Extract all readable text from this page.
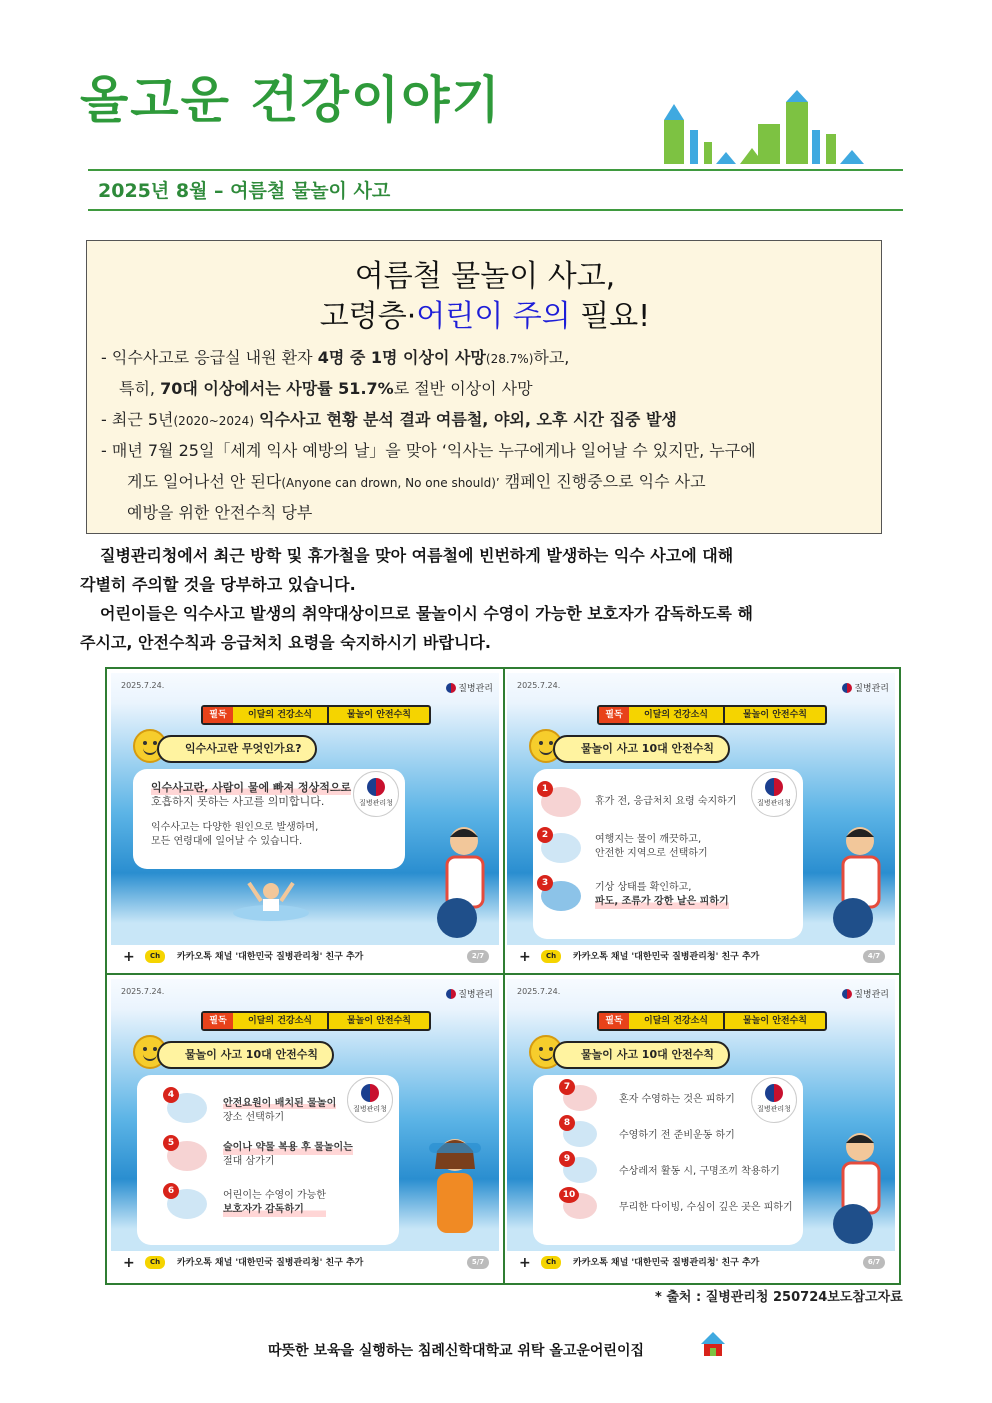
올고운 건강이야기
2025년 8월 – 여름철 물놀이 사고
여름철 물놀이 사고,
고령층·어린이 주의 필요!
- 익수사고로 응급실 내원 환자 4명 중 1명 이상이 사망(28.7%)하고,
특히, 70대 이상에서는 사망률 51.7%로 절반 이상이 사망
- 최근 5년(2020~2024) 익수사고 현황 분석 결과 여름철, 야외, 오후 시간 집중 발생
- 매년 7월 25일「세계 익사 예방의 날」을 맞아 ‘익사는 누구에게나 일어날 수 있지만, 누구에
게도 일어나선 안 된다(Anyone can drown, No one should)’ 캠페인 진행중으로 익수 사고
예방을 위한 안전수칙 당부
질병관리청에서 최근 방학 및 휴가철을 맞아 여름철에 빈번하게 발생하는 익수 사고에 대해
각별히 주의할 것을 당부하고 있습니다.
어린이들은 익수사고 발생의 취약대상이므로 물놀이시 수영이 가능한 보호자가 감독하도록 해
주시고, 안전수칙과 응급처치 요령을 숙지하시기 바랍니다.
2025.7.24.	질병관리
필독 이달의 건강소식	물놀이 안전수칙
익수사고란 무엇인가요?
질병관리청
익수사고란, 사람이 물에 빠져 정상적으로
호흡하지 못하는 사고를 의미합니다.
익수사고는 다양한 원인으로 발생하며,
모든 연령대에 일어날 수 있습니다.
+	Ch	카카오톡 채널 '대한민국 질병관리청' 친구 추가	2/7
2025.7.24.	질병관리
필독 이달의 건강소식	물놀이 안전수칙
물놀이 사고 10대 안전수칙
질병관리청
1
휴가 전, 응급처치 요령 숙지하기
2	여행지는 물이 깨끗하고,
안전한 지역으로 선택하기
3	기상 상태를 확인하고,
파도, 조류가 강한 날은 피하기
+	Ch	카카오톡 채널 '대한민국 질병관리청' 친구 추가	4/7
2025.7.24.	질병관리
필독 이달의 건강소식	물놀이 안전수칙
물놀이 사고 10대 안전수칙
질병관리청
4
안전요원이 배치된 물놀이
장소 선택하기
5	술이나 약물 복용 후 물놀이는
절대 삼가기
6	어린이는 수영이 가능한
보호자가 감독하기
+	Ch	카카오톡 채널 '대한민국 질병관리청' 친구 추가	5/7
2025.7.24.	질병관리
필독 이달의 건강소식	물놀이 안전수칙
물놀이 사고 10대 안전수칙
질병관리청
7
혼자 수영하는 것은 피하기
8
수영하기 전 준비운동 하기
9
수상레저 활동 시, 구명조끼 착용하기
10
무리한 다이빙, 수심이 깊은 곳은 피하기
+	Ch	카카오톡 채널 '대한민국 질병관리청' 친구 추가	6/7
* 출처 : 질병관리청 250724보도참고자료
따뜻한 보육을 실행하는 침례신학대학교 위탁 올고운어린이집
